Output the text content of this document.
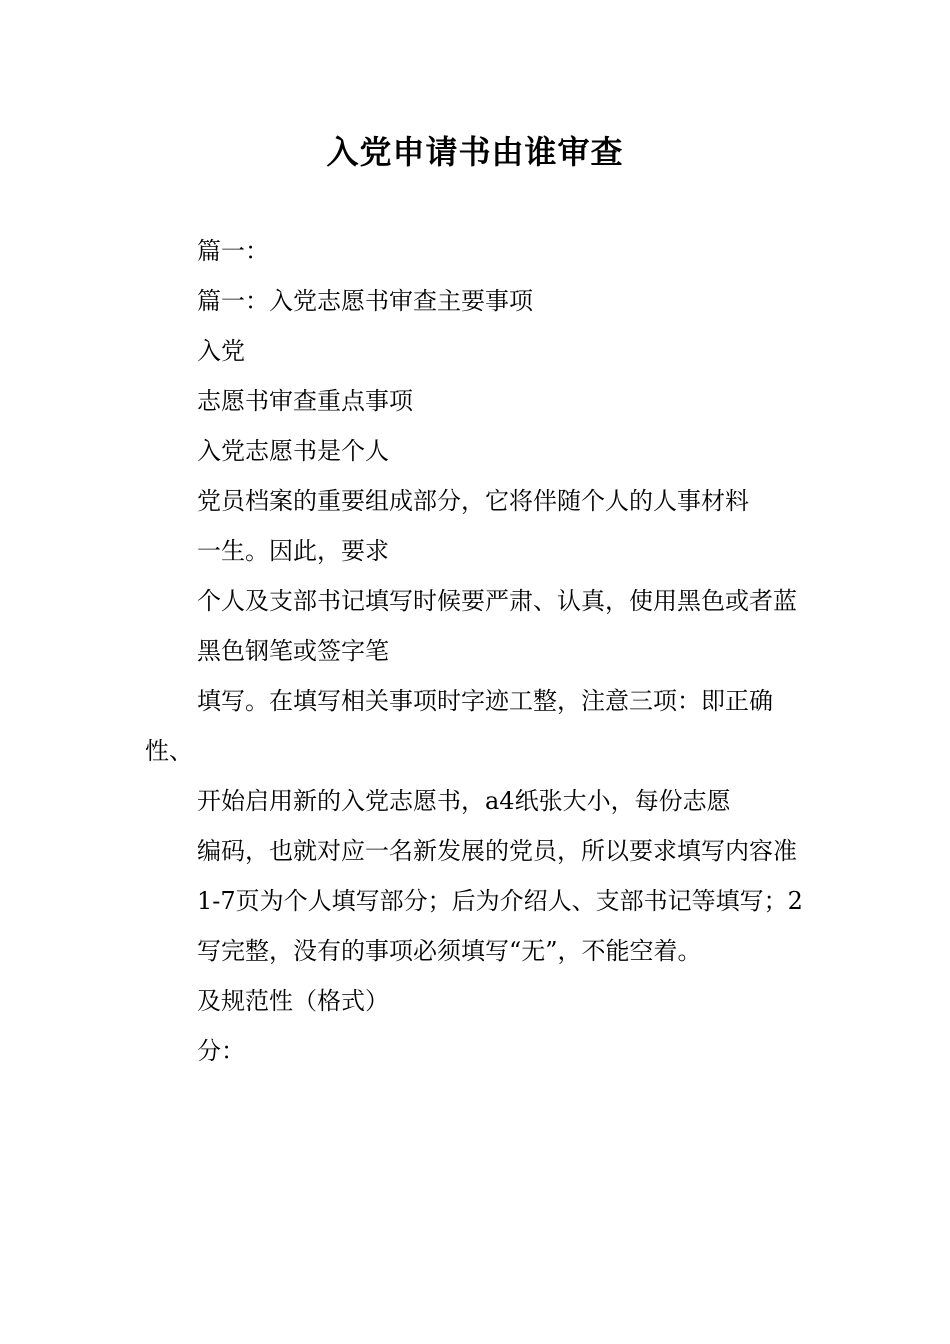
入党申请书由谁审查

篇一：

篇一：入党志愿书审查主要事项

入党

志愿书审查重点事项

入党志愿书是个人

党员档案的重要组成部分，它将伴随个人的人事材料

一生。因此，要求

个人及支部书记填写时候要严肃、认真，使用黑色或者蓝

黑色钢笔或签字笔

填写。在填写相关事项时字迹工整，注意三项：即正确性、

开始启用新的入党志愿书，a4纸张大小，每份志愿

编码，也就对应一名新发展的党员，所以要求填写内容准

1-7页为个人填写部分；后为介绍人、支部书记等填写；2

写完整，没有的事项必须填写“无”，不能空着。

及规范性（格式）

分：
